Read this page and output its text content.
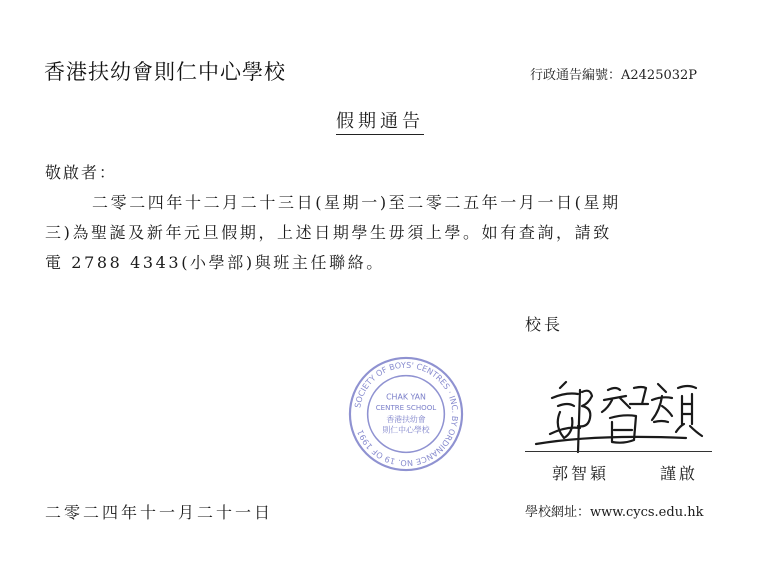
香港扶幼會則仁中心學校	行政通告編號：A2425032P
假期通告
敬啟者：
二零二四年十二月二十三日(星期一)至二零二五年一月一日(星期
三)為聖誕及新年元旦假期，上述日期學生毋須上學。如有查詢，請致
電 2788 4343(小學部)與班主任聯絡。
校長
SOCIETY OF BOYS' CENTRES · INC. BY ORDINANCE NO. 19 OF 1991
CHAK YAN
CENTRE SCHOOL
香港扶幼會
則仁中心學校
郭智穎	謹啟
二零二四年十一月二十一日	學校網址：www.cycs.edu.hk
